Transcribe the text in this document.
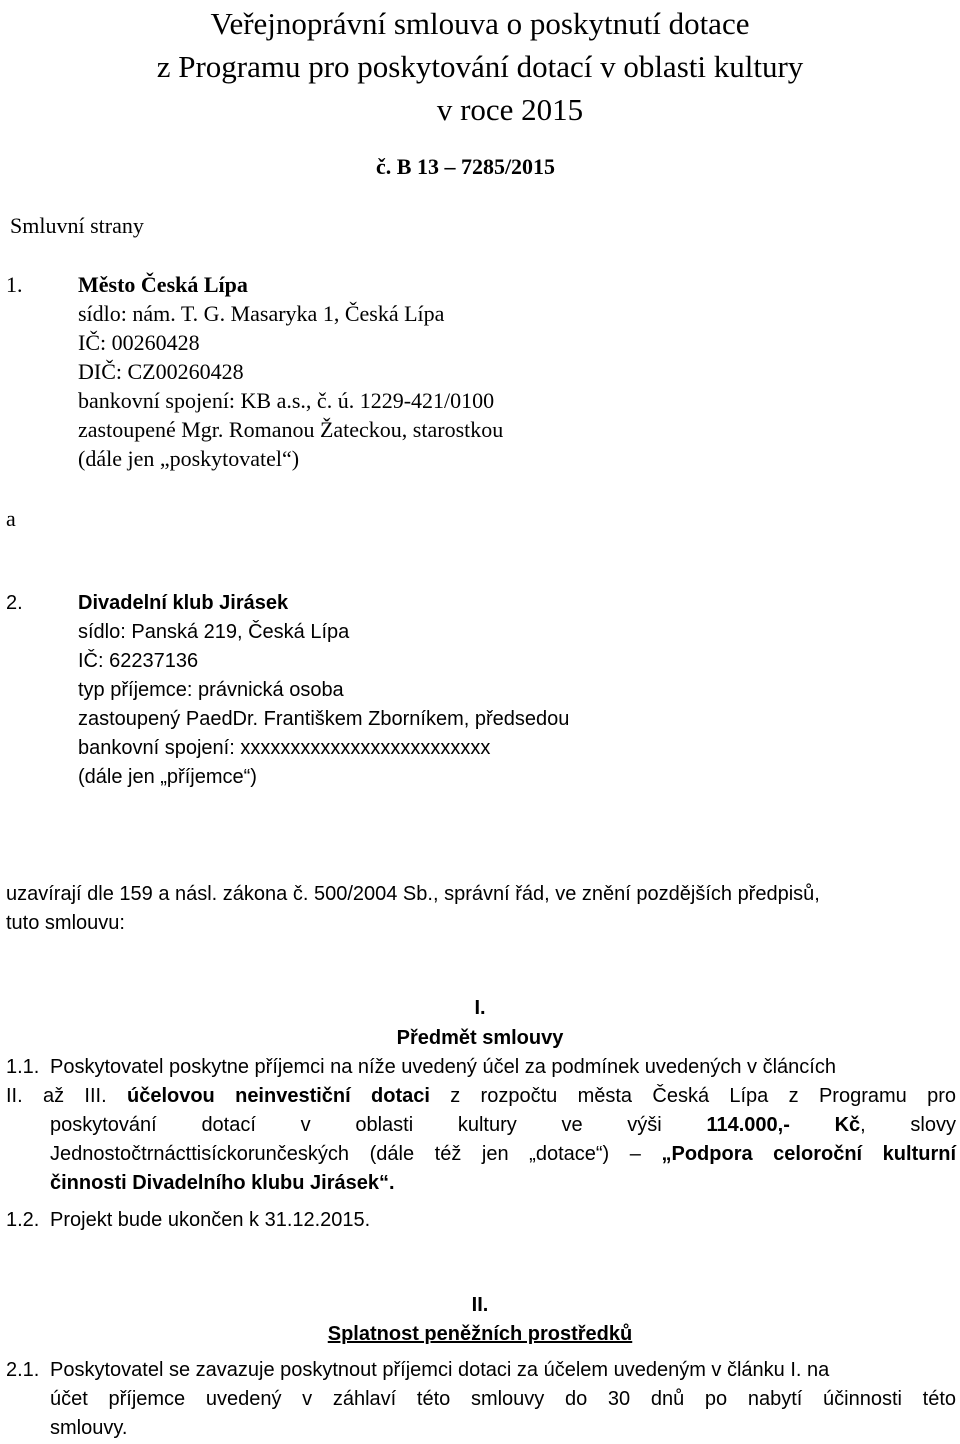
Veřejnoprávní smlouva o poskytnutí dotace
z Programu pro poskytování dotací v oblasti kultury
v roce 2015
č. B 13 – 7285/2015
Smluvní strany
1.	Město Česká Lípa
sídlo: nám. T. G. Masaryka 1, Česká Lípa
IČ: 00260428
DIČ: CZ00260428
bankovní spojení: KB a.s., č. ú. 1229-421/0100
zastoupené Mgr. Romanou Žateckou, starostkou
(dále jen „poskytovatel“)
a
2.	Divadelní klub Jirásek
sídlo: Panská 219, Česká Lípa
IČ: 62237136
typ příjemce: právnická osoba
zastoupený PaedDr. Františkem Zborníkem, předsedou
bankovní spojení: xxxxxxxxxxxxxxxxxxxxxxxxx
(dále jen „příjemce“)
uzavírají dle 159 a násl. zákona č. 500/2004 Sb., správní řád, ve znění pozdějších předpisů,
tuto smlouvu:
I.
Předmět smlouvy
1.1. Poskytovatel poskytne příjemci na níže uvedený účel za podmínek uvedených v článcích
II. až III. účelovou neinvestiční dotaci z rozpočtu města Česká Lípa z Programu pro
poskytování dotací v oblasti kultury ve výši 114.000,- Kč, slovy
Jednostočtrnácttisíckorunčeských (dále též jen „dotace“) – „Podpora celoroční kulturní
činnosti Divadelního klubu Jirásek“.
1.2. Projekt bude ukončen k 31.12.2015.
II.
Splatnost peněžních prostředků
2.1. Poskytovatel se zavazuje poskytnout příjemci dotaci za účelem uvedeným v článku I. na
účet příjemce uvedený v záhlaví této smlouvy do 30 dnů po nabytí účinnosti této
smlouvy.
